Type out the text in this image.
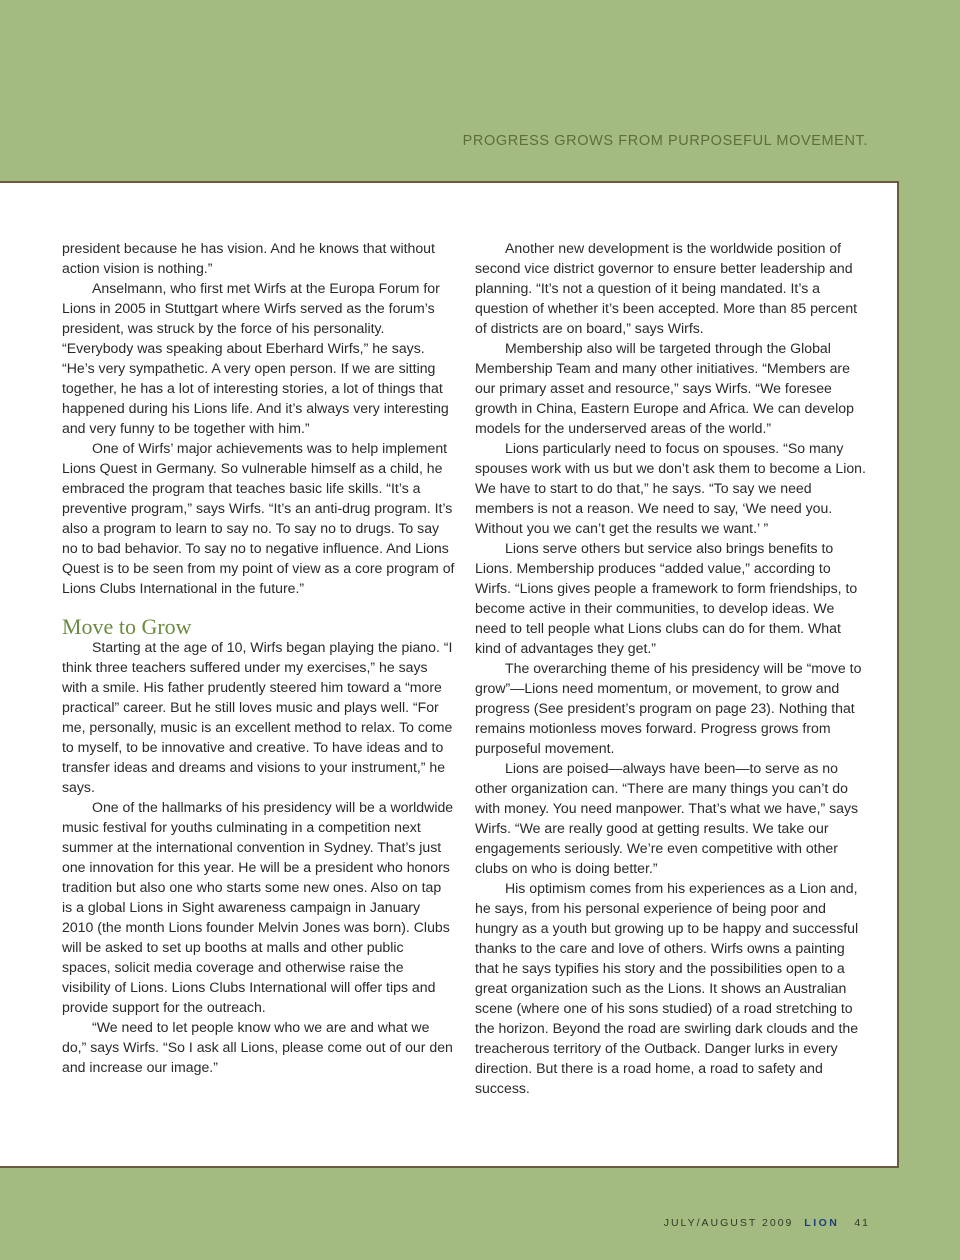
PROGRESS GROWS FROM PURPOSEFUL MOVEMENT.

president because he has vision. And he knows that without action vision is nothing.”

Anselmann, who first met Wirfs at the Europa Forum for Lions in 2005 in Stuttgart where Wirfs served as the forum’s president, was struck by the force of his personality. “Everybody was speaking about Eberhard Wirfs,” he says. “He’s very sympathetic. A very open person. If we are sitting together, he has a lot of interesting stories, a lot of things that happened during his Lions life. And it’s always very interesting and very funny to be together with him.”

One of Wirfs’ major achievements was to help implement Lions Quest in Germany. So vulnerable himself as a child, he embraced the program that teaches basic life skills. “It’s a preventive program,” says Wirfs. “It’s an anti-drug program. It’s also a program to learn to say no. To say no to drugs. To say no to bad behavior. To say no to negative influence. And Lions Quest is to be seen from my point of view as a core program of Lions Clubs International in the future.”

Move to Grow

Starting at the age of 10, Wirfs began playing the piano. “I think three teachers suffered under my exercises,” he says with a smile. His father prudently steered him toward a “more practical” career. But he still loves music and plays well. “For me, personally, music is an excellent method to relax. To come to myself, to be innovative and creative. To have ideas and to transfer ideas and dreams and visions to your instrument,” he says.

One of the hallmarks of his presidency will be a worldwide music festival for youths culminating in a competition next summer at the international convention in Sydney. That’s just one innovation for this year. He will be a president who honors tradition but also one who starts some new ones. Also on tap is a global Lions in Sight awareness campaign in January 2010 (the month Lions founder Melvin Jones was born). Clubs will be asked to set up booths at malls and other public spaces, solicit media coverage and otherwise raise the visibility of Lions. Lions Clubs International will offer tips and provide support for the outreach.

“We need to let people know who we are and what we do,” says Wirfs. “So I ask all Lions, please come out of our den and increase our image.”

Another new development is the worldwide position of second vice district governor to ensure better leadership and planning. “It’s not a question of it being mandated. It’s a question of whether it’s been accepted. More than 85 percent of districts are on board,” says Wirfs.

Membership also will be targeted through the Global Membership Team and many other initiatives. “Members are our primary asset and resource,” says Wirfs. “We foresee growth in China, Eastern Europe and Africa. We can develop models for the underserved areas of the world.”

Lions particularly need to focus on spouses. “So many spouses work with us but we don’t ask them to become a Lion. We have to start to do that,” he says. “To say we need members is not a reason. We need to say, ‘We need you. Without you we can’t get the results we want.’ ”

Lions serve others but service also brings benefits to Lions. Membership produces “added value,” according to Wirfs. “Lions gives people a framework to form friendships, to become active in their communities, to develop ideas. We need to tell people what Lions clubs can do for them. What kind of advantages they get.”

The overarching theme of his presidency will be “move to grow”—Lions need momentum, or movement, to grow and progress (See president’s program on page 23). Nothing that remains motionless moves forward. Progress grows from purposeful movement.

Lions are poised—always have been—to serve as no other organization can. “There are many things you can’t do with money. You need manpower. That’s what we have,” says Wirfs. “We are really good at getting results. We take our engagements seriously. We’re even competitive with other clubs on who is doing better.”

His optimism comes from his experiences as a Lion and, he says, from his personal experience of being poor and hungry as a youth but growing up to be happy and successful thanks to the care and love of others. Wirfs owns a painting that he says typifies his story and the possibilities open to a great organization such as the Lions. It shows an Australian scene (where one of his sons studied) of a road stretching to the horizon. Beyond the road are swirling dark clouds and the treacherous territory of the Outback. Danger lurks in every direction. But there is a road home, a road to safety and success.

JULY/AUGUST 2009 LION 41
